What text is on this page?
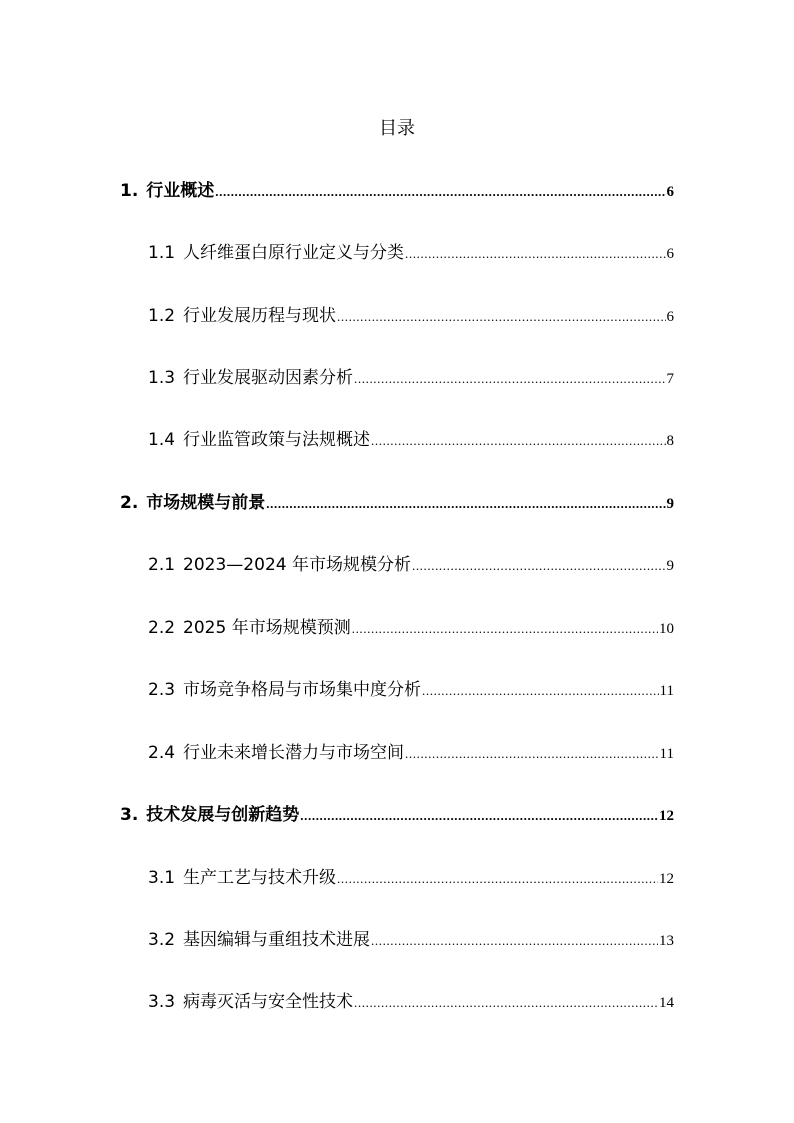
目录
1. 行业概述 .....	6
1.1 人纤维蛋白原行业定义与分类 .....	6
1.2 行业发展历程与现状 .....	6
1.3 行业发展驱动因素分析 .....	7
1.4 行业监管政策与法规概述 .....	8
2. 市场规模与前景 .....	9
2.1 2023—2024 年市场规模分析 .....	9
2.2 2025 年市场规模预测 .....	10
2.3 市场竞争格局与市场集中度分析 .....	11
2.4 行业未来增长潜力与市场空间 .....	11
3. 技术发展与创新趋势 .....	12
3.1 生产工艺与技术升级 .....	12
3.2 基因编辑与重组技术进展 .....	13
3.3 病毒灭活与安全性技术 .....	14
